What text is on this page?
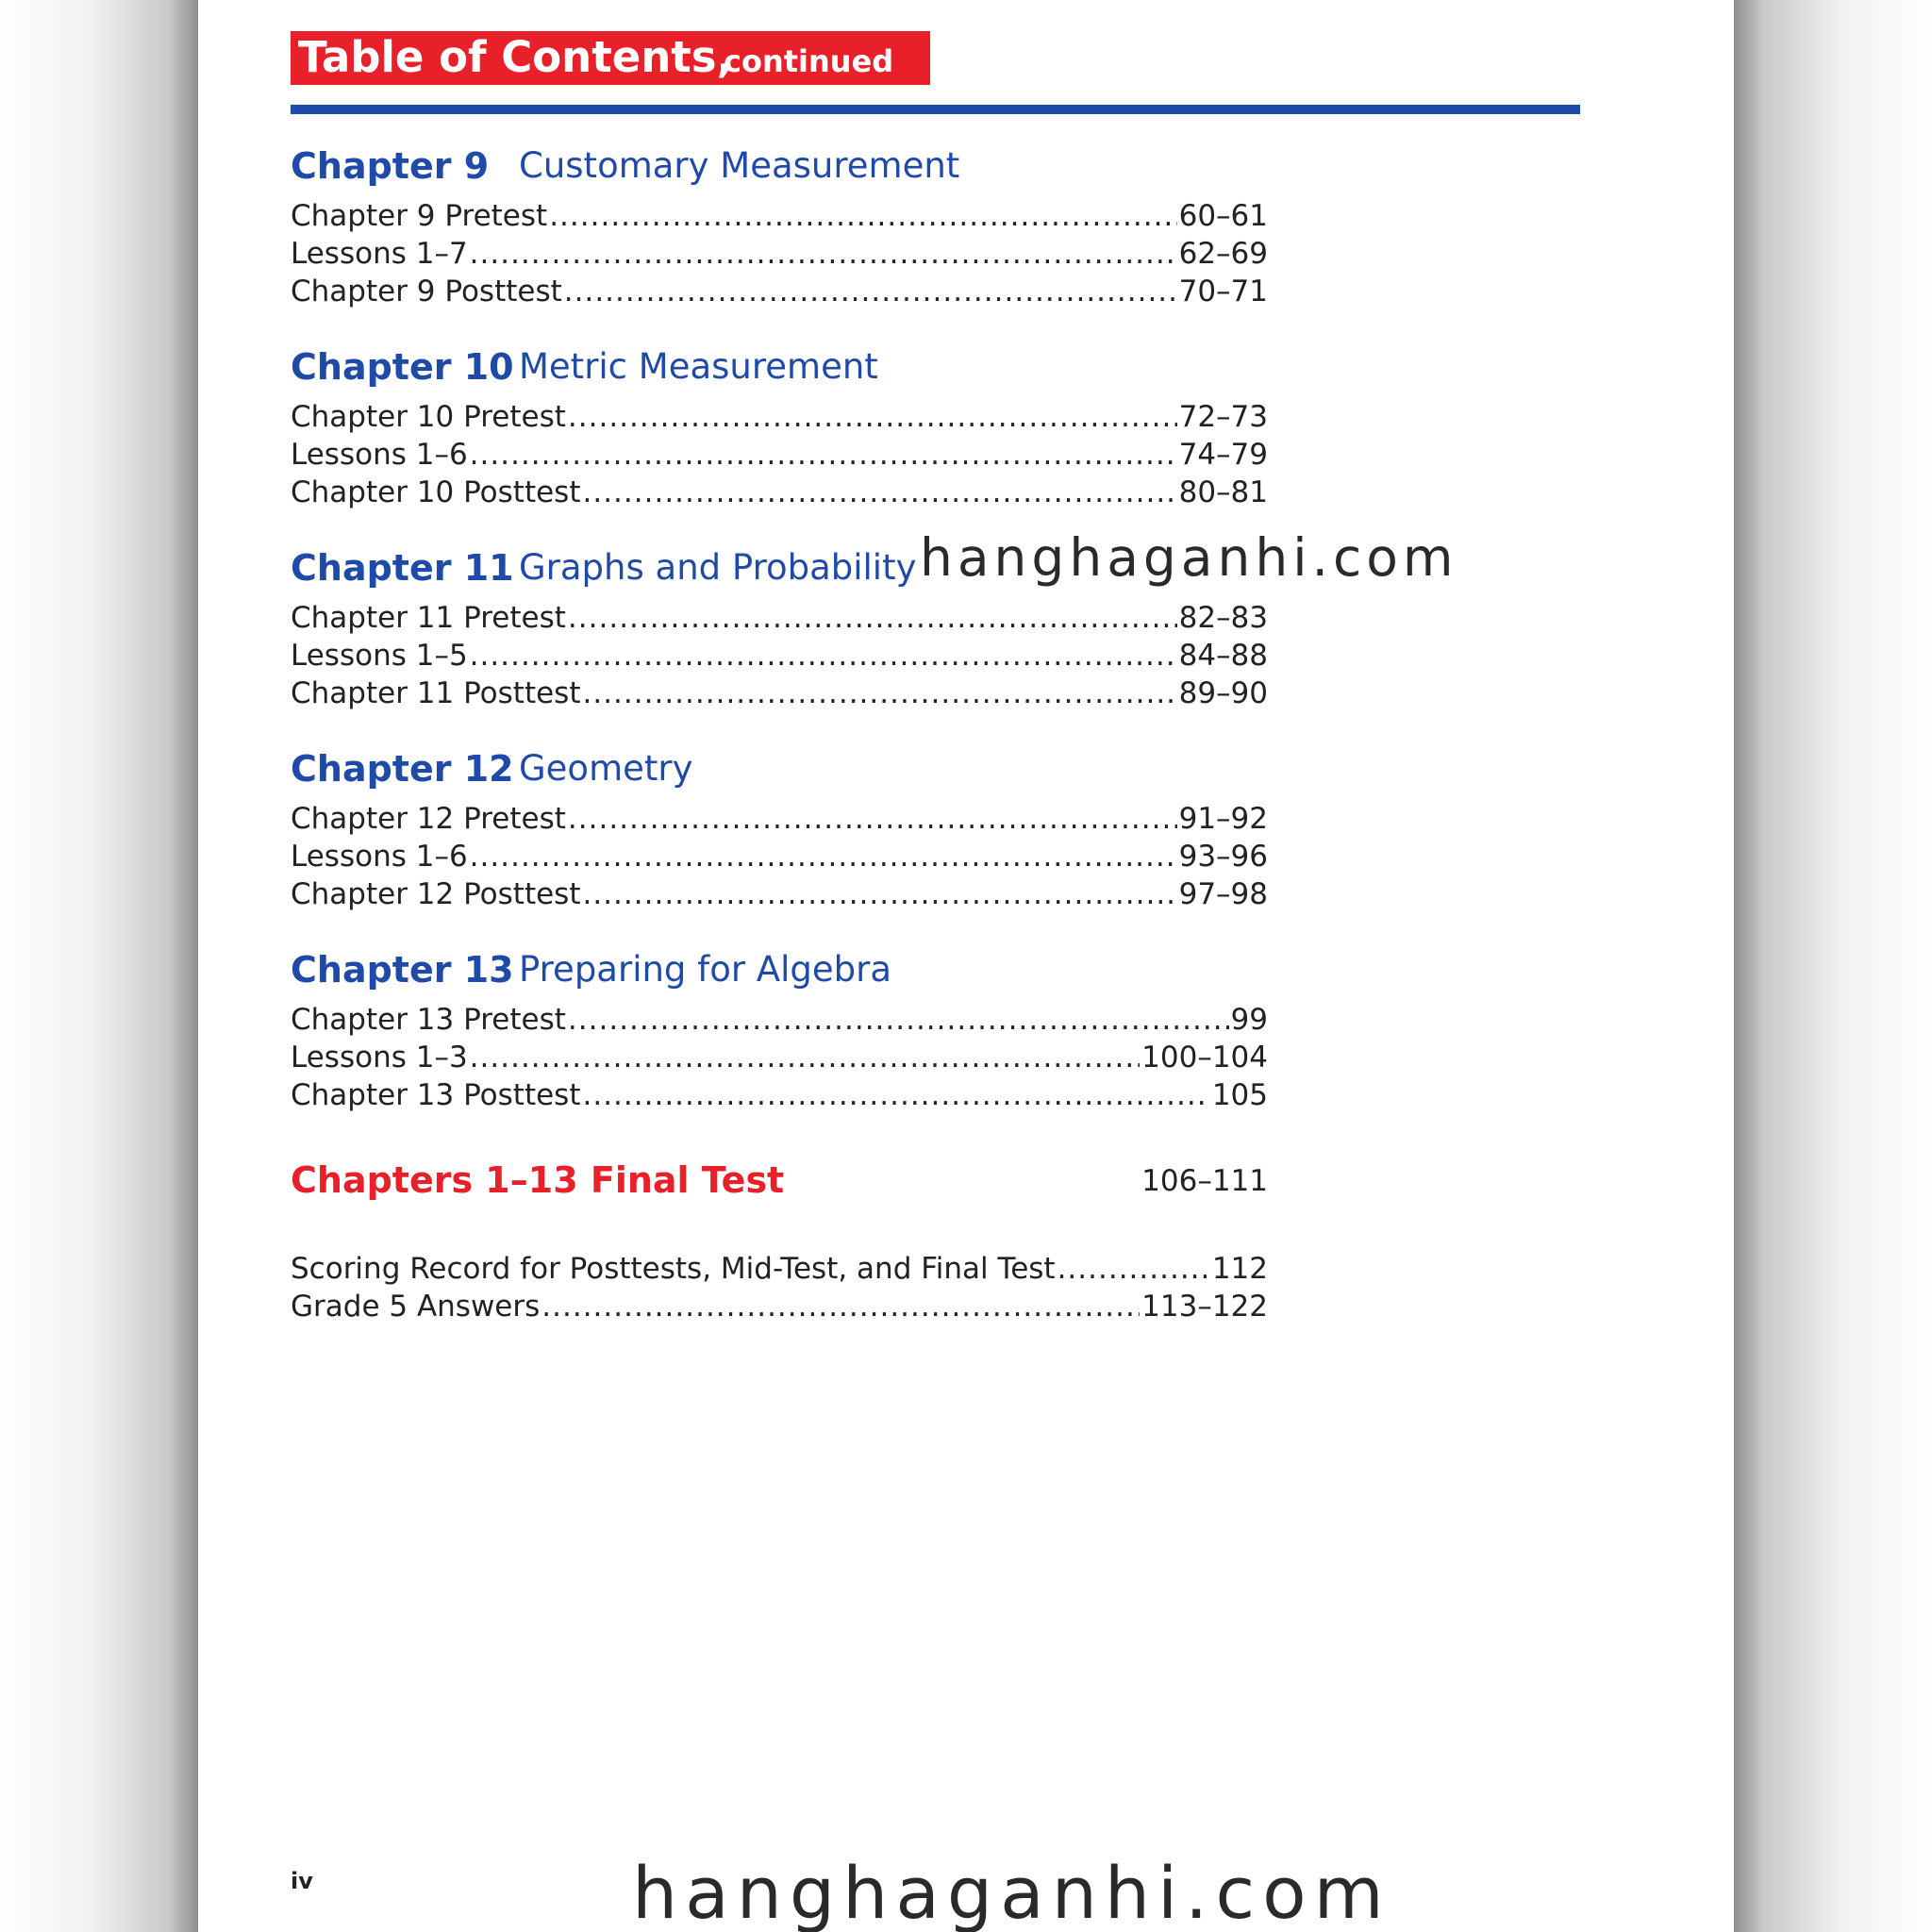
Table of Contents,
continued
Chapter 9 Customary Measurement
Chapter 9 Pretest .....	60–61
Lessons 1–7 .....	62–69
Chapter 9 Posttest .....	70–71
Chapter 10 Metric Measurement
Chapter 10 Pretest .....	72–73
Lessons 1–6 .....	74–79
Chapter 10 Posttest .....	80–81
Chapter 11 Graphs and Probability
Chapter 11 Pretest .....	82–83
Lessons 1–5 .....	84–88
Chapter 11 Posttest .....	89–90
Chapter 12 Geometry
Chapter 12 Pretest .....	91–92
Lessons 1–6 .....	93–96
Chapter 12 Posttest .....	97–98
Chapter 13 Preparing for Algebra
Chapter 13 Pretest .....	99
Lessons 1–3 .....	100–104
Chapter 13 Posttest .....	105
Chapters 1–13 Final Test	106–111
Scoring Record for Posttests, Mid-Test, and Final Test .....	112
Grade 5 Answers .....	113–122
iv
hanghaganhi.com
hanghaganhi.com
